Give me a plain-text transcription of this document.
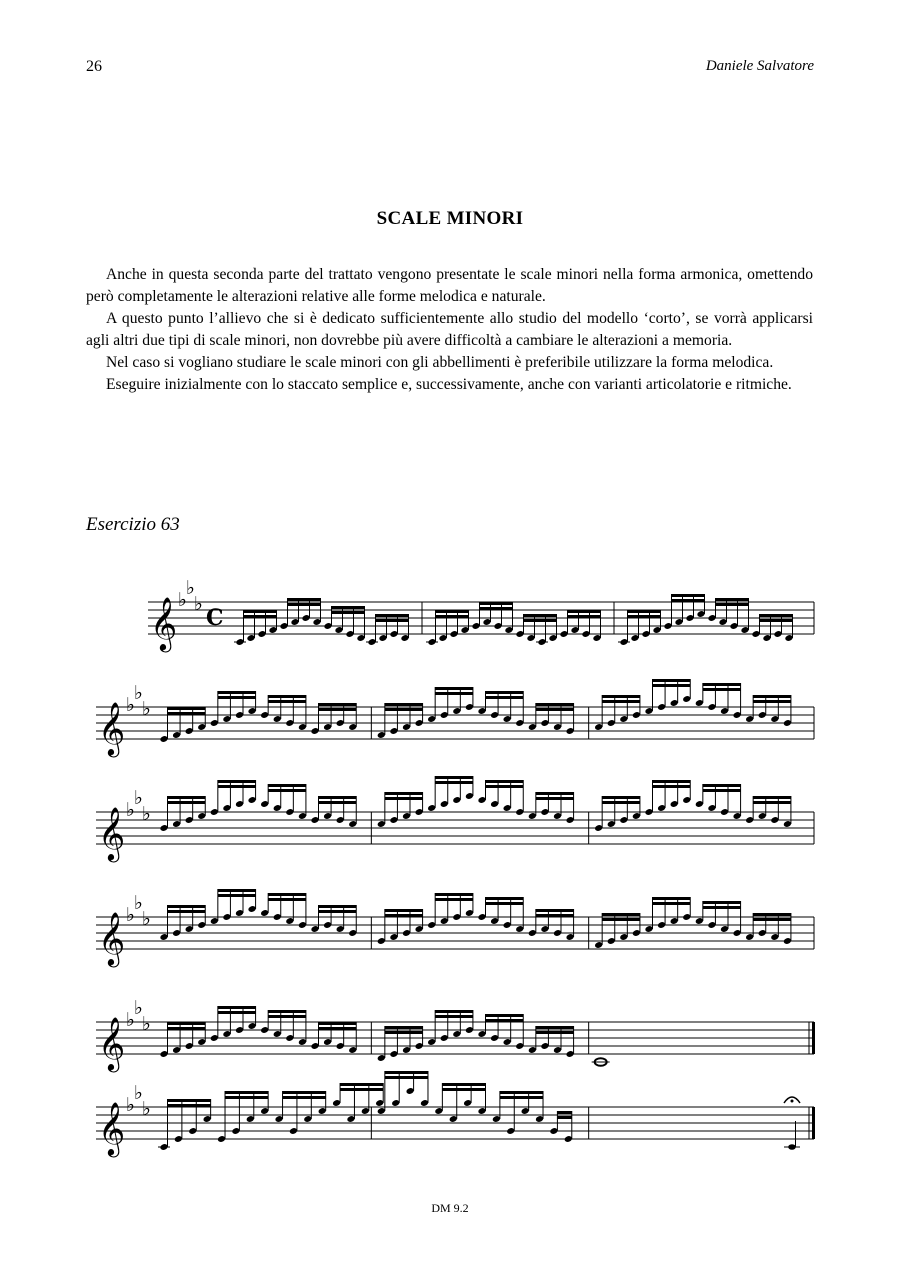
26	Daniele Salvatore
SCALE MINORI

Anche in questa seconda parte del trattato vengono presentate le scale minori nella forma armonica, omettendo però completamente le alterazioni relative alle forme melodica e naturale.

A questo punto l’allievo che si è dedicato sufficientemente allo studio del modello ‘corto’, se vorrà applicarsi agli altri due tipi di scale minori, non dovrebbe più avere difficoltà a cambiare le alterazioni a memoria.

Nel caso si vogliano studiare le scale minori con gli abbellimenti è preferibile utilizzare la forma melodica.

Eseguire inizialmente con lo staccato semplice e, successivamente, anche con varianti articolatorie e ritmiche.

Esercizio 63
𝄞 ♭
♭
♭
C
𝄞 ♭
♭
♭
𝄞 ♭
♭
♭
𝄞 ♭
♭
♭
𝄞 ♭
♭
♭
𝄞 ♭
♭
♭
DM 9.2
